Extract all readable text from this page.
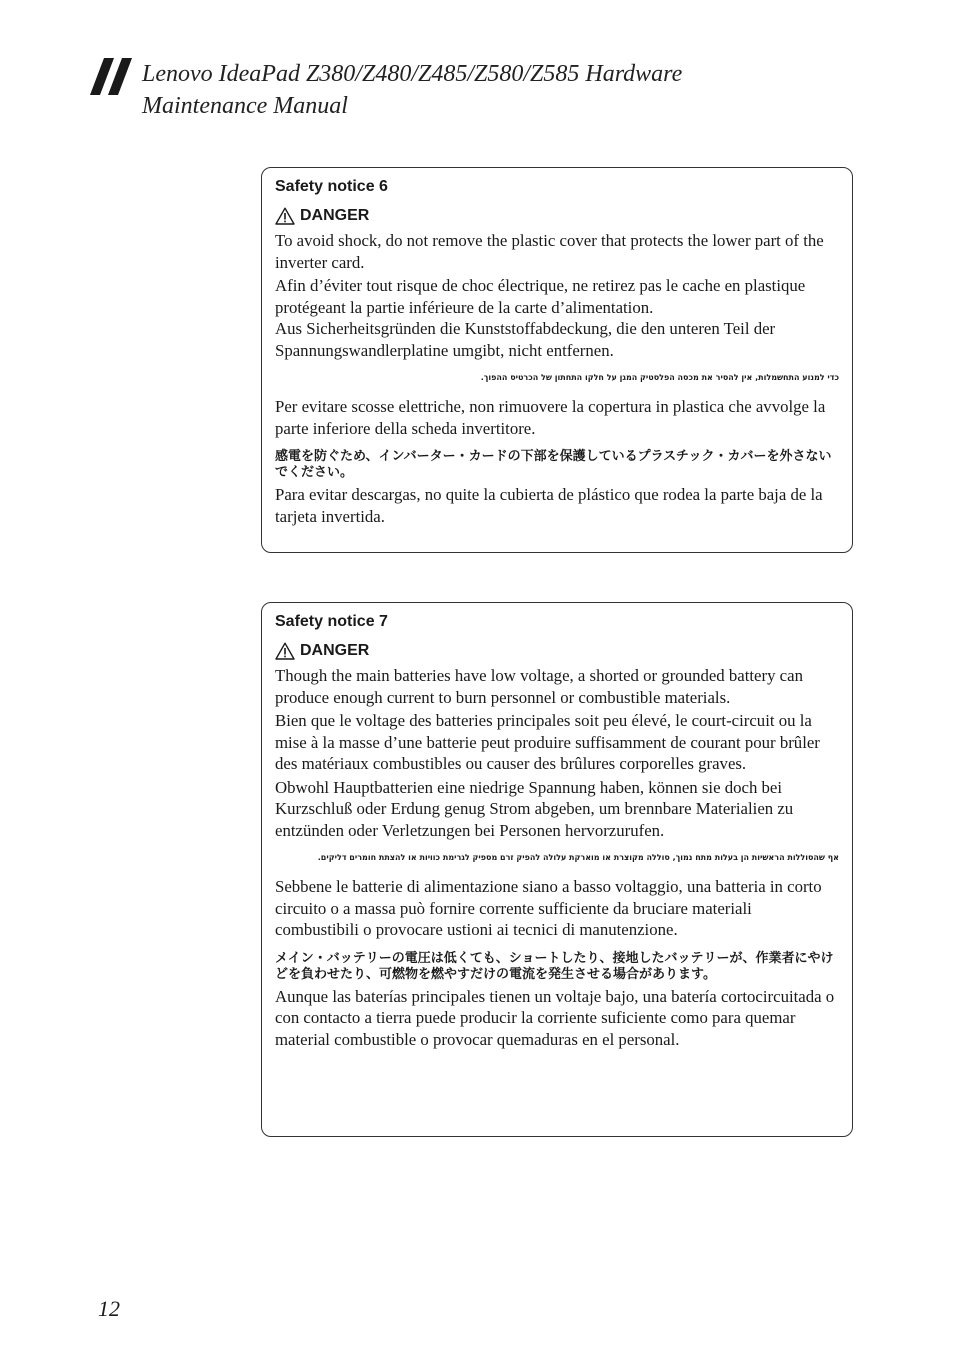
Lenovo IdeaPad Z380/Z480/Z485/Z580/Z585 Hardware Maintenance Manual
Safety notice 6
DANGER
To avoid shock, do not remove the plastic cover that protects the lower part of the inverter card.
Afin d’éviter tout risque de choc électrique, ne retirez pas le cache en plastique protégeant la partie inférieure de la carte d’alimentation.
Aus Sicherheitsgründen die Kunststoffabdeckung, die den unteren Teil der Spannungswandlerplatine umgibt, nicht entfernen.
כדי למנוע התחשמלות, אין להסיר את מכסה הפלסטיק המגן על חלקו התחתון של הכרטיס ההפוך.
Per evitare scosse elettriche, non rimuovere la copertura in plastica che avvolge la parte inferiore della scheda invertitore.
感電を防ぐため、インバーター・カードの下部を保護しているプラスチック・カバーを外さないでください。
Para evitar descargas, no quite la cubierta de plástico que rodea la parte baja de la tarjeta invertida.
Safety notice 7
DANGER
Though the main batteries have low voltage, a shorted or grounded battery can produce enough current to burn personnel or combustible materials.
Bien que le voltage des batteries principales soit peu élevé, le court-circuit ou la mise à la masse d’une batterie peut produire suffisamment de courant pour brûler des matériaux combustibles ou causer des brûlures corporelles graves.
Obwohl Hauptbatterien eine niedrige Spannung haben, können sie doch bei Kurzschluß oder Erdung genug Strom abgeben, um brennbare Materialien zu entzünden oder Verletzungen bei Personen hervorzurufen.
אף שהסוללות הראשיות הן בעלות מתח נמוך, סוללה מקוצרת או מוארקת עלולה להפיק זרם מספיק לגרימת כוויות או להצתת חומרים דליקים.
Sebbene le batterie di alimentazione siano a basso voltaggio, una batteria in corto circuito o a massa può fornire corrente sufficiente da bruciare materiali combustibili o provocare ustioni ai tecnici di manutenzione.
メイン・バッテリーの電圧は低くても、ショートしたり、接地したバッテリーが、作業者にやけどを負わせたり、可燃物を燃やすだけの電流を発生させる場合があります。
Aunque las baterías principales tienen un voltaje bajo, una batería cortocircuitada o con contacto a tierra puede producir la corriente suficiente como para quemar material combustible o provocar quemaduras en el personal.
12
